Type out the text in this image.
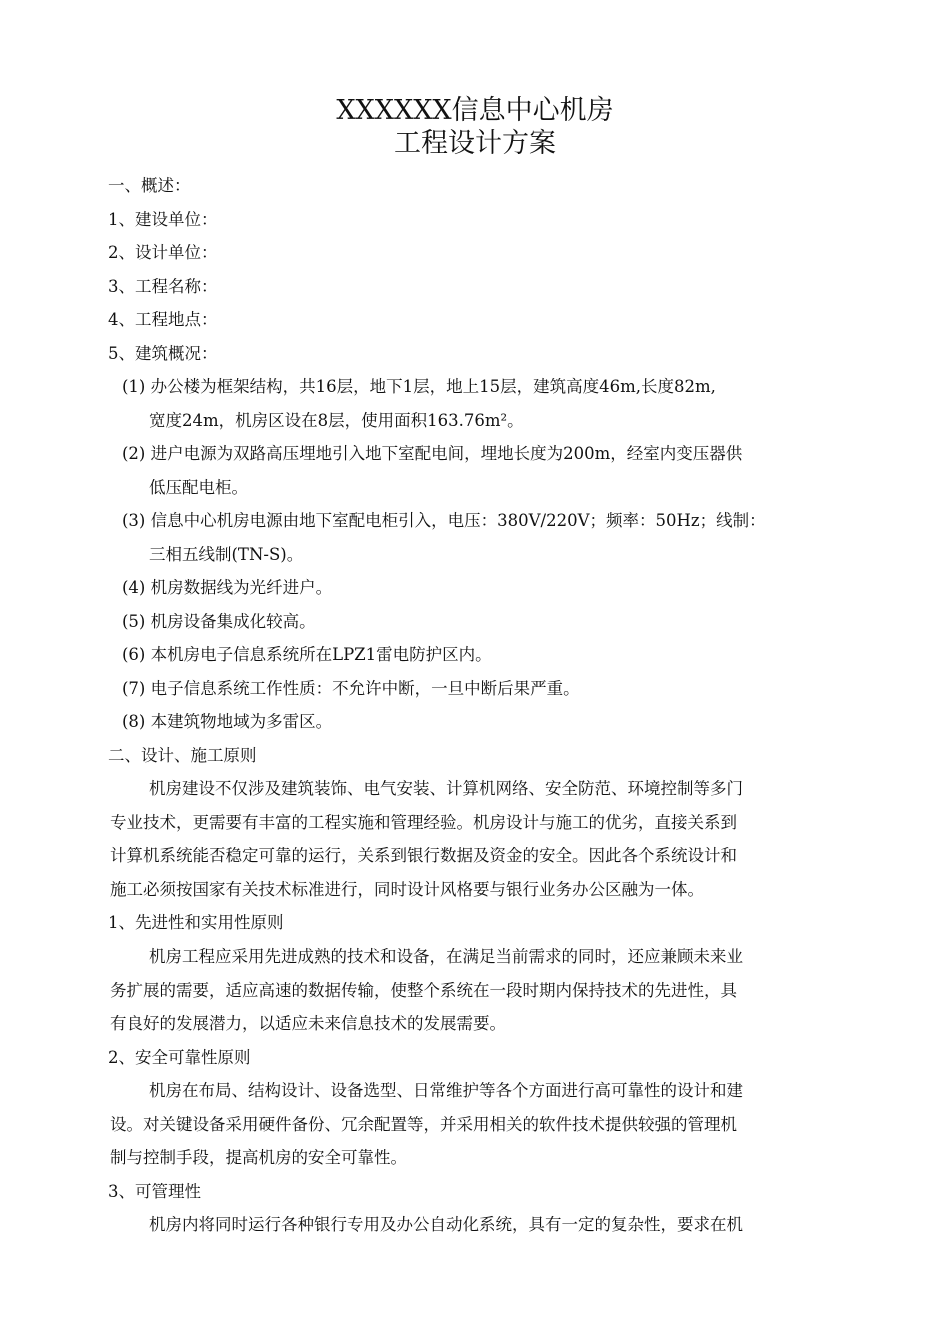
XXXXXX信息中心机房
工程设计方案
一、概述：
1、建设单位：
2、设计单位：
3、工程名称：
4、工程地点：
5、建筑概况：
(1) 办公楼为框架结构，共16层，地下1层，地上15层，建筑高度46m,长度82m,
宽度24m，机房区设在8层，使用面积163.76m²。
(2) 进户电源为双路高压埋地引入地下室配电间，埋地长度为200m，经室内变压器供
低压配电柜。
(3) 信息中心机房电源由地下室配电柜引入，电压：380V/220V；频率：50Hz；线制：
三相五线制(TN-S)。
(4) 机房数据线为光纤进户。
(5) 机房设备集成化较高。
(6) 本机房电子信息系统所在LPZ1雷电防护区内。
(7) 电子信息系统工作性质：不允许中断，一旦中断后果严重。
(8) 本建筑物地域为多雷区。
二、设计、施工原则
机房建设不仅涉及建筑装饰、电气安装、计算机网络、安全防范、环境控制等多门
专业技术，更需要有丰富的工程实施和管理经验。机房设计与施工的优劣，直接关系到
计算机系统能否稳定可靠的运行，关系到银行数据及资金的安全。因此各个系统设计和
施工必须按国家有关技术标准进行，同时设计风格要与银行业务办公区融为一体。
1、先进性和实用性原则
机房工程应采用先进成熟的技术和设备，在满足当前需求的同时，还应兼顾未来业
务扩展的需要，适应高速的数据传输，使整个系统在一段时期内保持技术的先进性，具
有良好的发展潜力，以适应未来信息技术的发展需要。
2、安全可靠性原则
机房在布局、结构设计、设备选型、日常维护等各个方面进行高可靠性的设计和建
设。对关键设备采用硬件备份、冗余配置等，并采用相关的软件技术提供较强的管理机
制与控制手段，提高机房的安全可靠性。
3、可管理性
机房内将同时运行各种银行专用及办公自动化系统，具有一定的复杂性，要求在机
